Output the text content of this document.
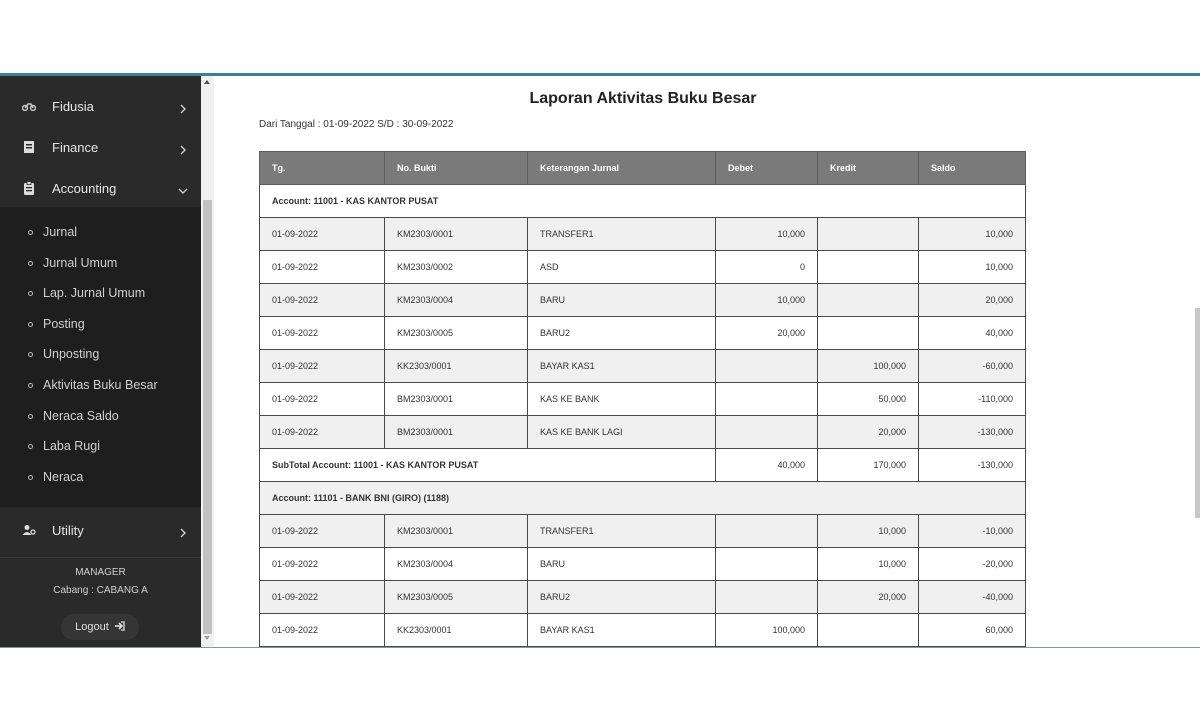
Fidusia
Finance
Accounting
Jurnal
Jurnal Umum
Lap. Jurnal Umum
Posting
Unposting
Aktivitas Buku Besar
Neraca Saldo
Laba Rugi
Neraca
Utility
MANAGER
Cabang : CABANG A
Logout
Laporan Aktivitas Buku Besar
Dari Tanggal : 01-09-2022 S/D : 30-09-2022
Tg.	No. Bukti	Keterangan Jurnal	Debet	Kredit	Saldo
Account: 11001 - KAS KANTOR PUSAT					
01-09-2022	KM2303/0001	TRANSFER1	10,000		10,000
01-09-2022	KM2303/0002	ASD	0		10,000
01-09-2022	KM2303/0004	BARU	10,000		20,000
01-09-2022	KM2303/0005	BARU2	20,000		40,000
01-09-2022	KK2303/0001	BAYAR KAS1		100,000	-60,000
01-09-2022	BM2303/0001	KAS KE BANK		50,000	-110,000
01-09-2022	BM2303/0001	KAS KE BANK LAGI		20,000	-130,000
SubTotal Account: 11001 - KAS KANTOR PUSAT			40,000	170,000	-130,000
Account: 11101 - BANK BNI (GIRO) (1188)					
01-09-2022	KM2303/0001	TRANSFER1		10,000	-10,000
01-09-2022	KM2303/0004	BARU		10,000	-20,000
01-09-2022	KM2303/0005	BARU2		20,000	-40,000
01-09-2022	KK2303/0001	BAYAR KAS1	100,000		60,000
